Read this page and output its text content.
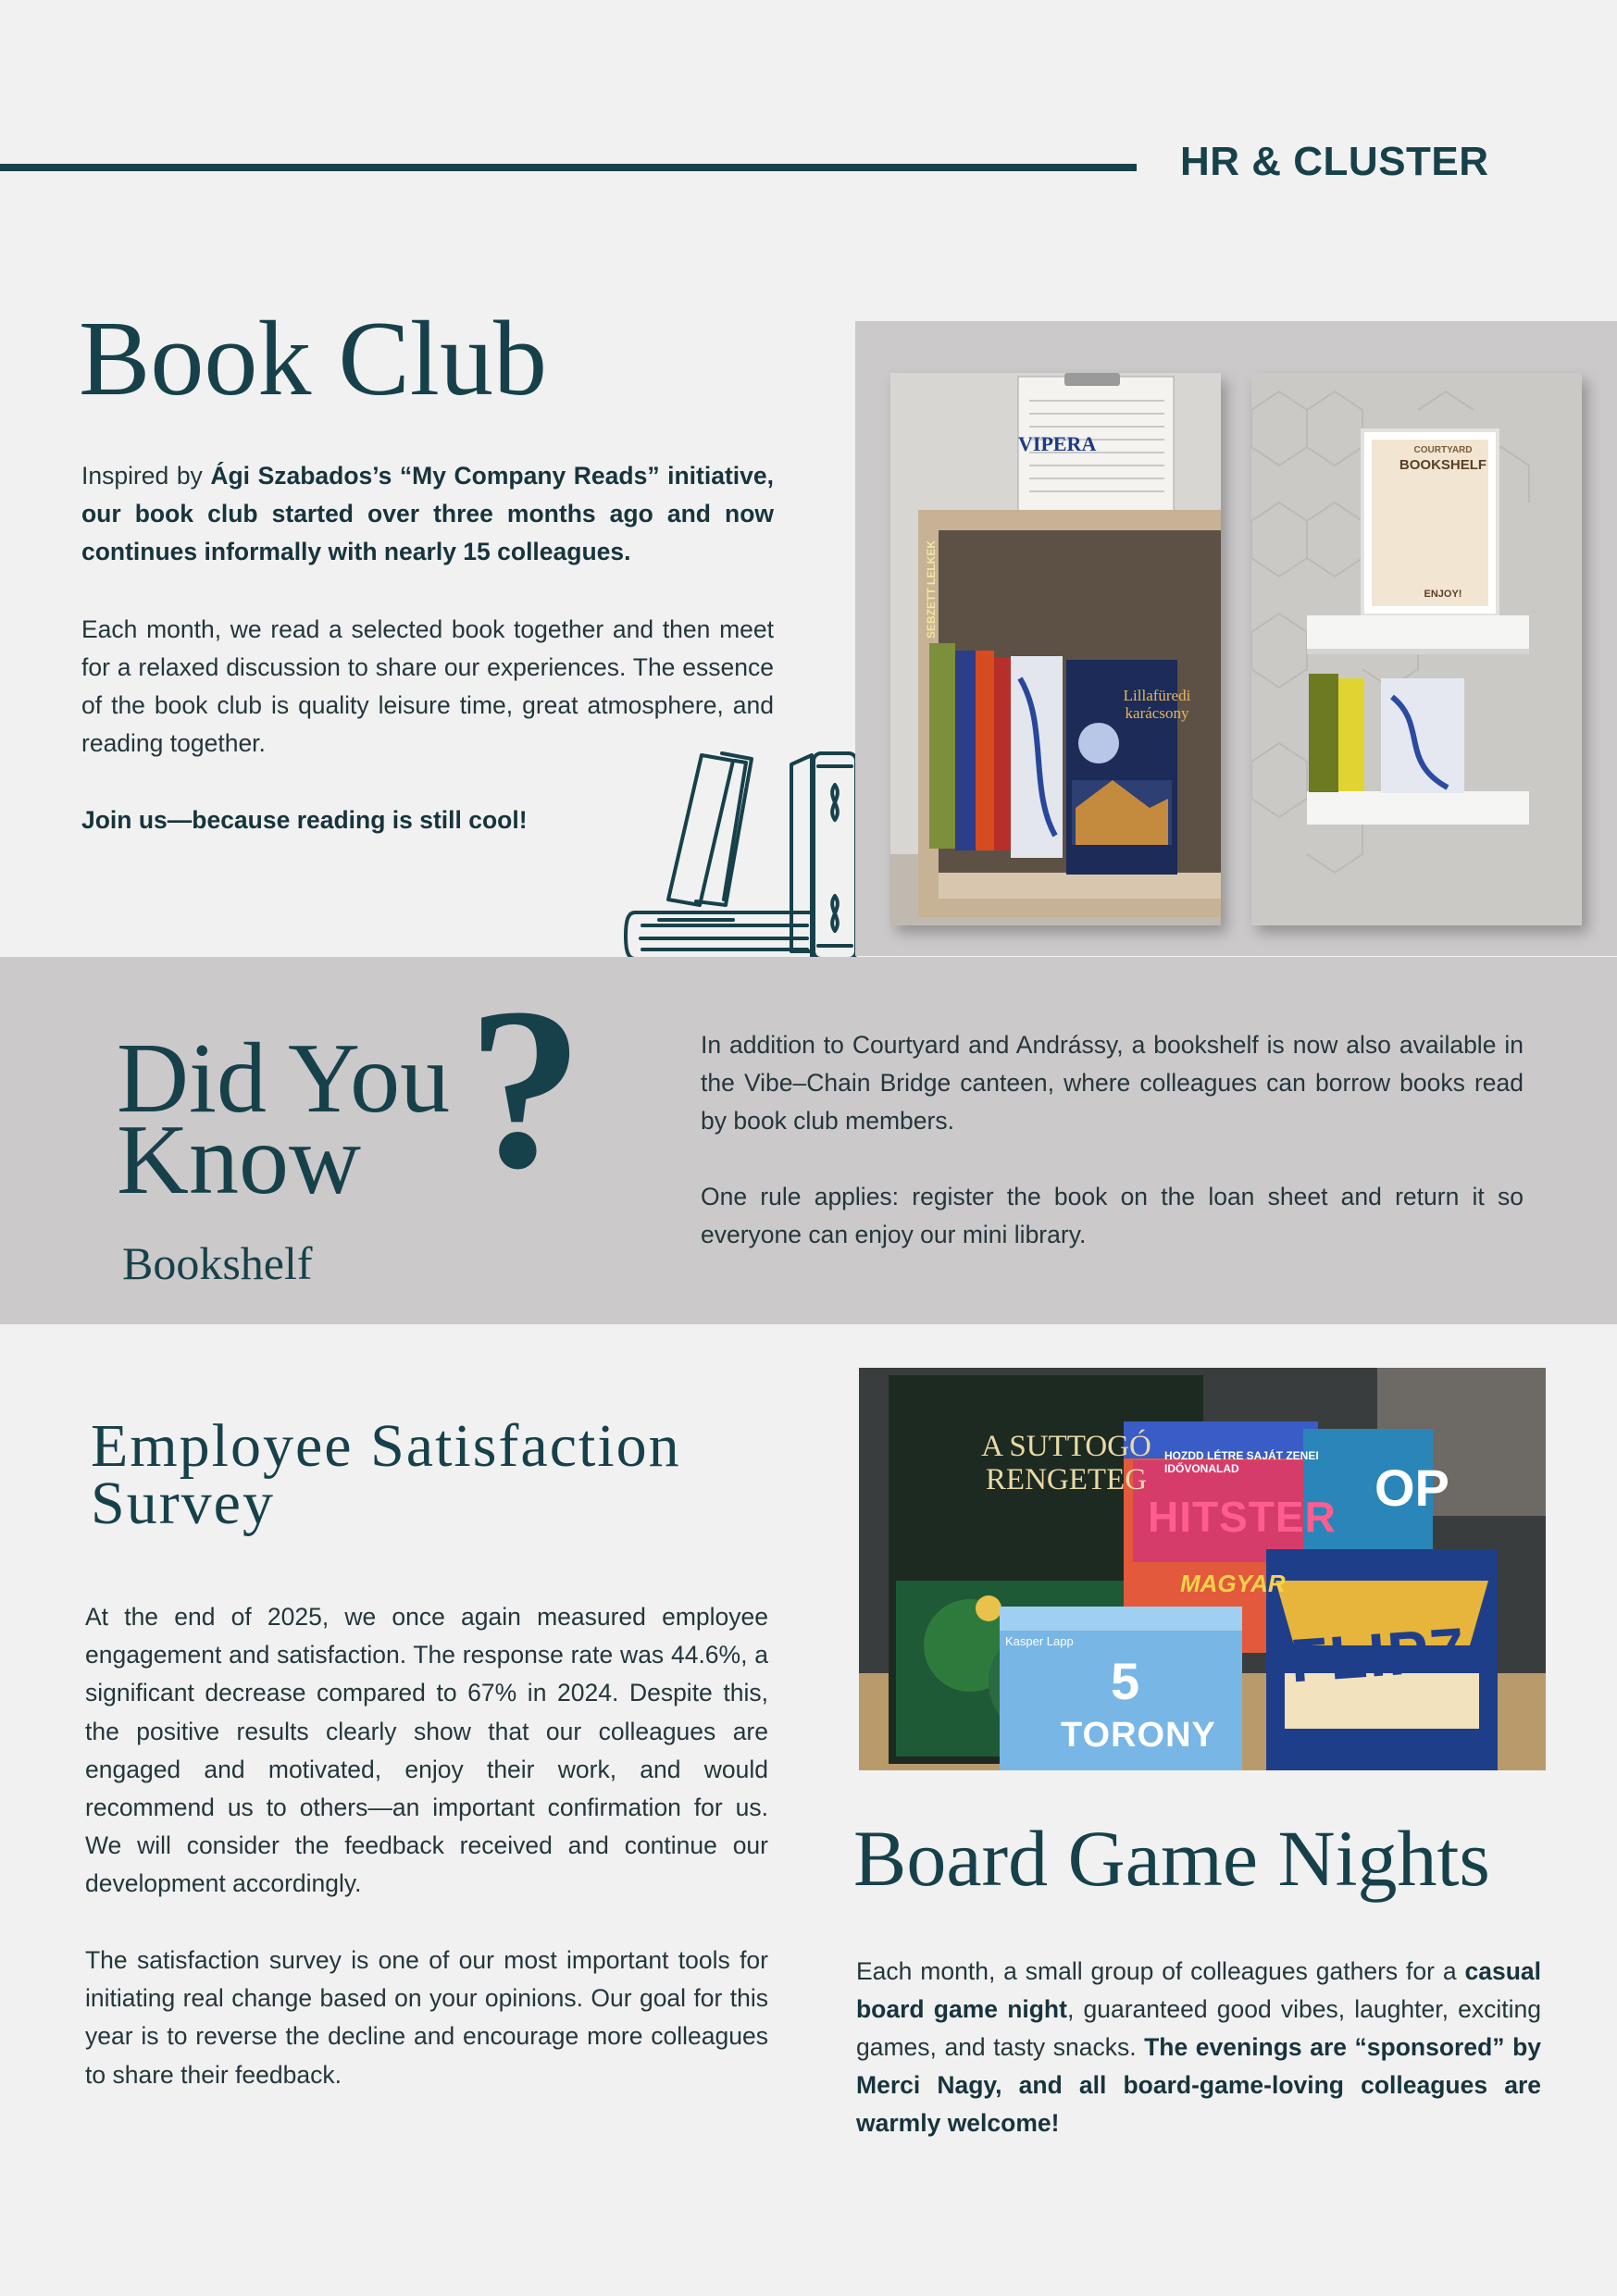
HR & CLUSTER
Book Club

Inspired by Ági Szabados’s “My Company Reads” initiative, our book club started over three months ago and now continues informally with nearly 15 colleagues.

Each month, we read a selected book together and then meet for a relaxed discussion to share our experiences. The essence of the book club is quality leisure time, great atmosphere, and reading together.

Join us—because reading is still cool!

SEBZETT LELKEK
VIPERA
Lillafüredi karácsony
COURTYARD
BOOKSHELF
ENJOY!
Did You
Know ?
Bookshelf

In addition to Courtyard and Andrássy, a bookshelf is now also available in the Vibe–Chain Bridge canteen, where colleagues can borrow books read by book club members.

One rule applies: register the book on the loan sheet and return it so everyone can enjoy our mini library.

Employee Satisfaction Survey

At the end of 2025, we once again measured employee engagement and satisfaction. The response rate was 44.6%, a significant decrease compared to 67% in 2024. Despite this, the positive results clearly show that our colleagues are engaged and motivated, enjoy their work, and would recommend us to others—an important confirmation for us. We will consider the feedback received and continue our development accordingly.

The satisfaction survey is one of our most important tools for initiating real change based on your opinions. Our goal for this year is to reverse the decline and encourage more colleagues to share their feedback.

A SUTTOGÓ
RENGETEG
HOZDD LÉTRE SAJÁT ZENEI IDŐVONALAD
HITSTER
MAGYAR
OP
Kasper Lapp
5
TORONY
FLIP7
Board Game Nights

Each month, a small group of colleagues gathers for a casual board game night, guaranteed good vibes, laughter, exciting games, and tasty snacks. The evenings are “sponsored” by Merci Nagy, and all board-game-loving colleagues are warmly welcome!
